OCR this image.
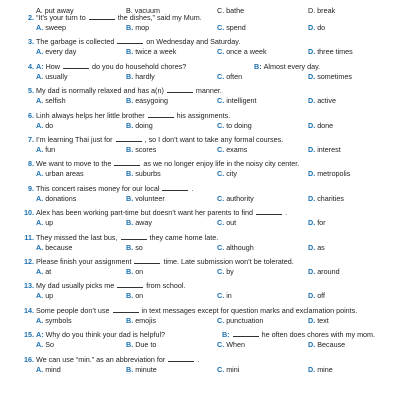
A. put away	B. vacuum	C. bathe	D. break
2. “It’s your turn to	the dishes,” said my Mum.
A. sweep	B. mop	C. spend	D. do
3. The garbage is collected	on Wednesday and Saturday.
A. every day	B. twice a week	C. once a week	D. three times
4. A: How	do you do household chores?	B: Almost every day.
A. usually	B. hardly	C. often	D. sometimes
5. My dad is normally relaxed and has a(n)	manner.
A. selfish	B. easygoing	C. intelligent	D. active
6. Linh always helps her little brother	his assignments.
A. do	B. doing	C. to doing	D. done
7. I’m learning Thai just for	, so I don’t want to take any formal courses.
A. fun	B. scores	C. exams	D. interest
8. We want to move to the	as we no longer enjoy life in the noisy city center.
A. urban areas	B. suburbs	C. city	D. metropolis
9. This concert raises money for our local	.
A. donations	B. volunteer	C. authority	D. charities
10. Alex has been working part-time but doesn’t want her parents to find	.
A. up	B. away	C. out	D. for
11. They missed the last bus,	they came home late.
A. because	B. so	C. although	D. as
12. Please finish your assignment	time. Late submission won’t be tolerated.
A. at	B. on	C. by	D. around
13. My dad usually picks me	from school.
A. up	B. on	C. in	D. off
14. Some people don’t use	in text messages except for question marks and exclamation points.
A. symbols	B. emojis	C. punctuation	D. text
15. A: Why do you think your dad is helpful?	B:	he often does chores with my mom.
A. So	B. Due to	C. When	D. Because
16. We can use “min.” as an abbreviation for	.
A. mind	B. minute	C. mini	D. mine
